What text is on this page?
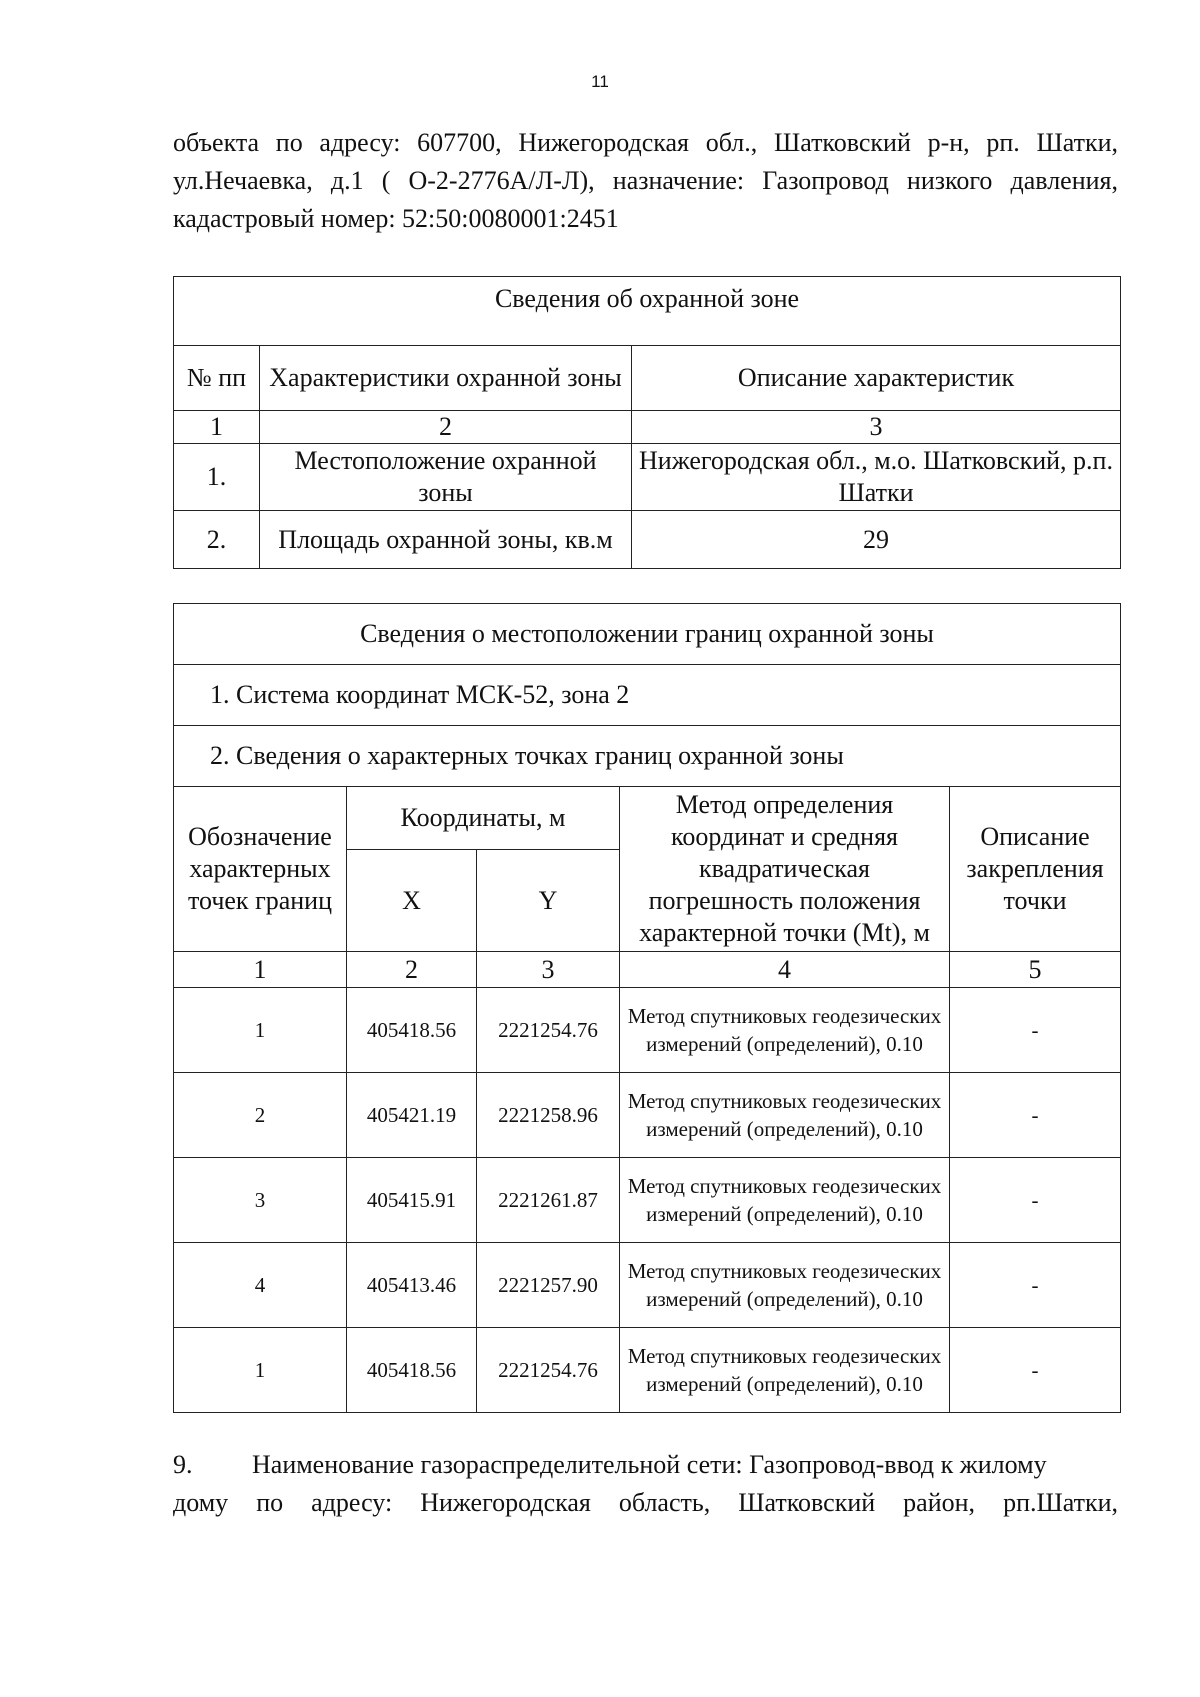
11
объекта по адресу: 607700, Нижегородская обл., Шатковский р-н, рп. Шатки,
ул.Нечаевка, д.1 ( О-2-2776А/Л-Л), назначение: Газопровод низкого давления,
кадастровый номер: 52:50:0080001:2451
Сведения об охранной зоне		
№ пп	Характеристики охранной зоны	Описание характеристик
1	2	3
1.	Местоположение охранной зоны	Нижегородская обл., м.о. Шатковский, р.п. Шатки
2.	Площадь охранной зоны, кв.м	29
Сведения о местоположении границ охранной зоны				
1. Система координат МСК-52, зона 2				
2. Сведения о характерных точках границ охранной зоны				
Обозначение характерных точек границ	Координаты, м		Метод определения координат и средняя квадратическая погрешность положения характерной точки (Mt), м	Описание закрепления точки
	X	Y		
1	2	3	4	5
1	405418.56	2221254.76	Метод спутниковых геодезических измерений (определений), 0.10	-
2	405421.19	2221258.96	Метод спутниковых геодезических измерений (определений), 0.10	-
3	405415.91	2221261.87	Метод спутниковых геодезических измерений (определений), 0.10	-
4	405413.46	2221257.90	Метод спутниковых геодезических измерений (определений), 0.10	-
1	405418.56	2221254.76	Метод спутниковых геодезических измерений (определений), 0.10	-
9. Наименование газораспределительной сети: Газопровод-ввод к жилому
дому по адресу: Нижегородская область, Шатковский район, рп.Шатки,
